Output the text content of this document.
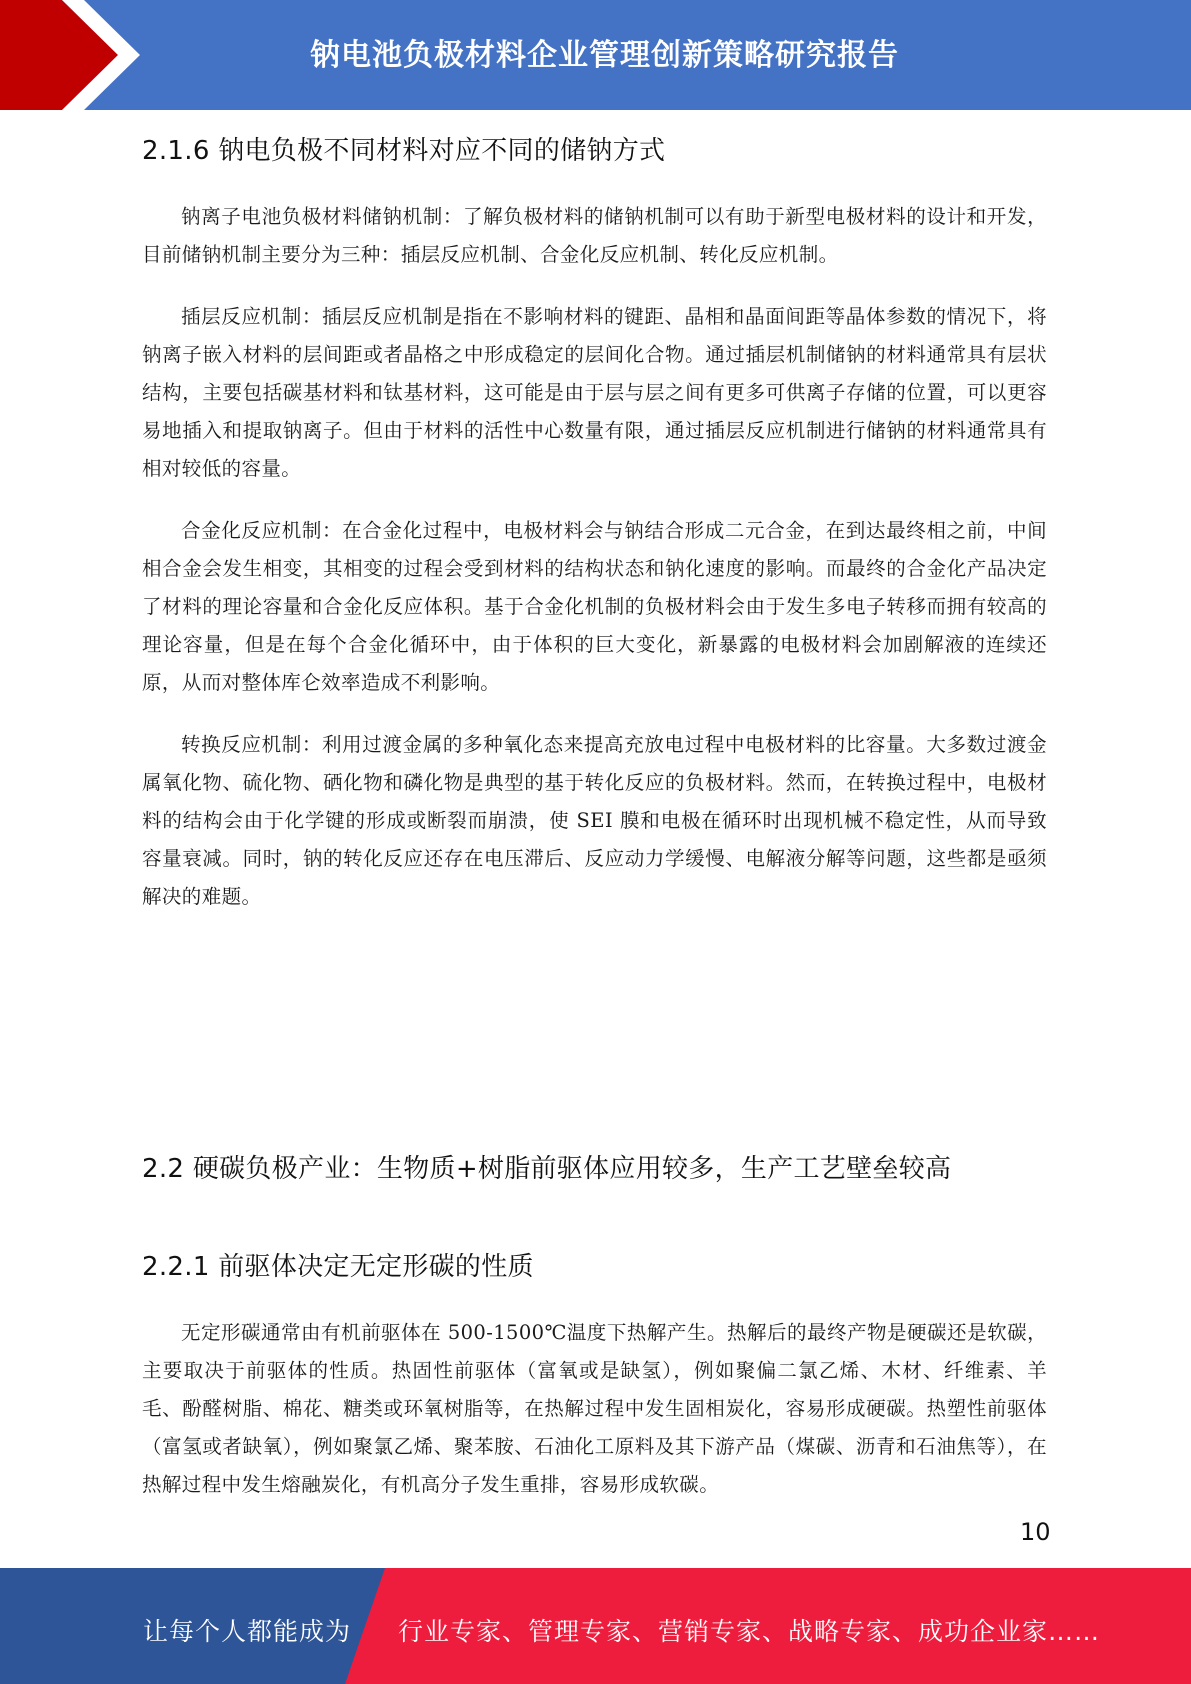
钠电池负极材料企业管理创新策略研究报告
2.1.6 钠电负极不同材料对应不同的储钠方式

钠离子电池负极材料储钠机制：了解负极材料的储钠机制可以有助于新型电极材料的设计和开发，目前储钠机制主要分为三种：插层反应机制、合金化反应机制、转化反应机制。

插层反应机制：插层反应机制是指在不影响材料的键距、晶相和晶面间距等晶体参数的情况下，将钠离子嵌入材料的层间距或者晶格之中形成稳定的层间化合物。通过插层机制储钠的材料通常具有层状结构，主要包括碳基材料和钛基材料，这可能是由于层与层之间有更多可供离子存储的位置，可以更容易地插入和提取钠离子。但由于材料的活性中心数量有限，通过插层反应机制进行储钠的材料通常具有相对较低的容量。

合金化反应机制：在合金化过程中，电极材料会与钠结合形成二元合金，在到达最终相之前，中间相合金会发生相变，其相变的过程会受到材料的结构状态和钠化速度的影响。而最终的合金化产品决定了材料的理论容量和合金化反应体积。基于合金化机制的负极材料会由于发生多电子转移而拥有较高的理论容量，但是在每个合金化循环中，由于体积的巨大变化，新暴露的电极材料会加剧解液的连续还原，从而对整体库仑效率造成不利影响。

转换反应机制：利用过渡金属的多种氧化态来提高充放电过程中电极材料的比容量。大多数过渡金属氧化物、硫化物、硒化物和磷化物是典型的基于转化反应的负极材料。然而，在转换过程中，电极材料的结构会由于化学键的形成或断裂而崩溃，使 SEI 膜和电极在循环时出现机械不稳定性，从而导致容量衰减。同时，钠的转化反应还存在电压滞后、反应动力学缓慢、电解液分解等问题，这些都是亟须解决的难题。

2.2 硬碳负极产业：生物质+树脂前驱体应用较多，生产工艺壁垒较高
2.2.1 前驱体决定无定形碳的性质

无定形碳通常由有机前驱体在 500-1500℃温度下热解产生。热解后的最终产物是硬碳还是软碳，主要取决于前驱体的性质。热固性前驱体（富氧或是缺氢），例如聚偏二氯乙烯、木材、纤维素、羊毛、酚醛树脂、棉花、糖类或环氧树脂等，在热解过程中发生固相炭化，容易形成硬碳。热塑性前驱体（富氢或者缺氧），例如聚氯乙烯、聚苯胺、石油化工原料及其下游产品（煤碳、沥青和石油焦等），在热解过程中发生熔融炭化，有机高分子发生重排，容易形成软碳。

10
让每个人都能成为 行业专家、管理专家、营销专家、战略专家、成功企业家……
